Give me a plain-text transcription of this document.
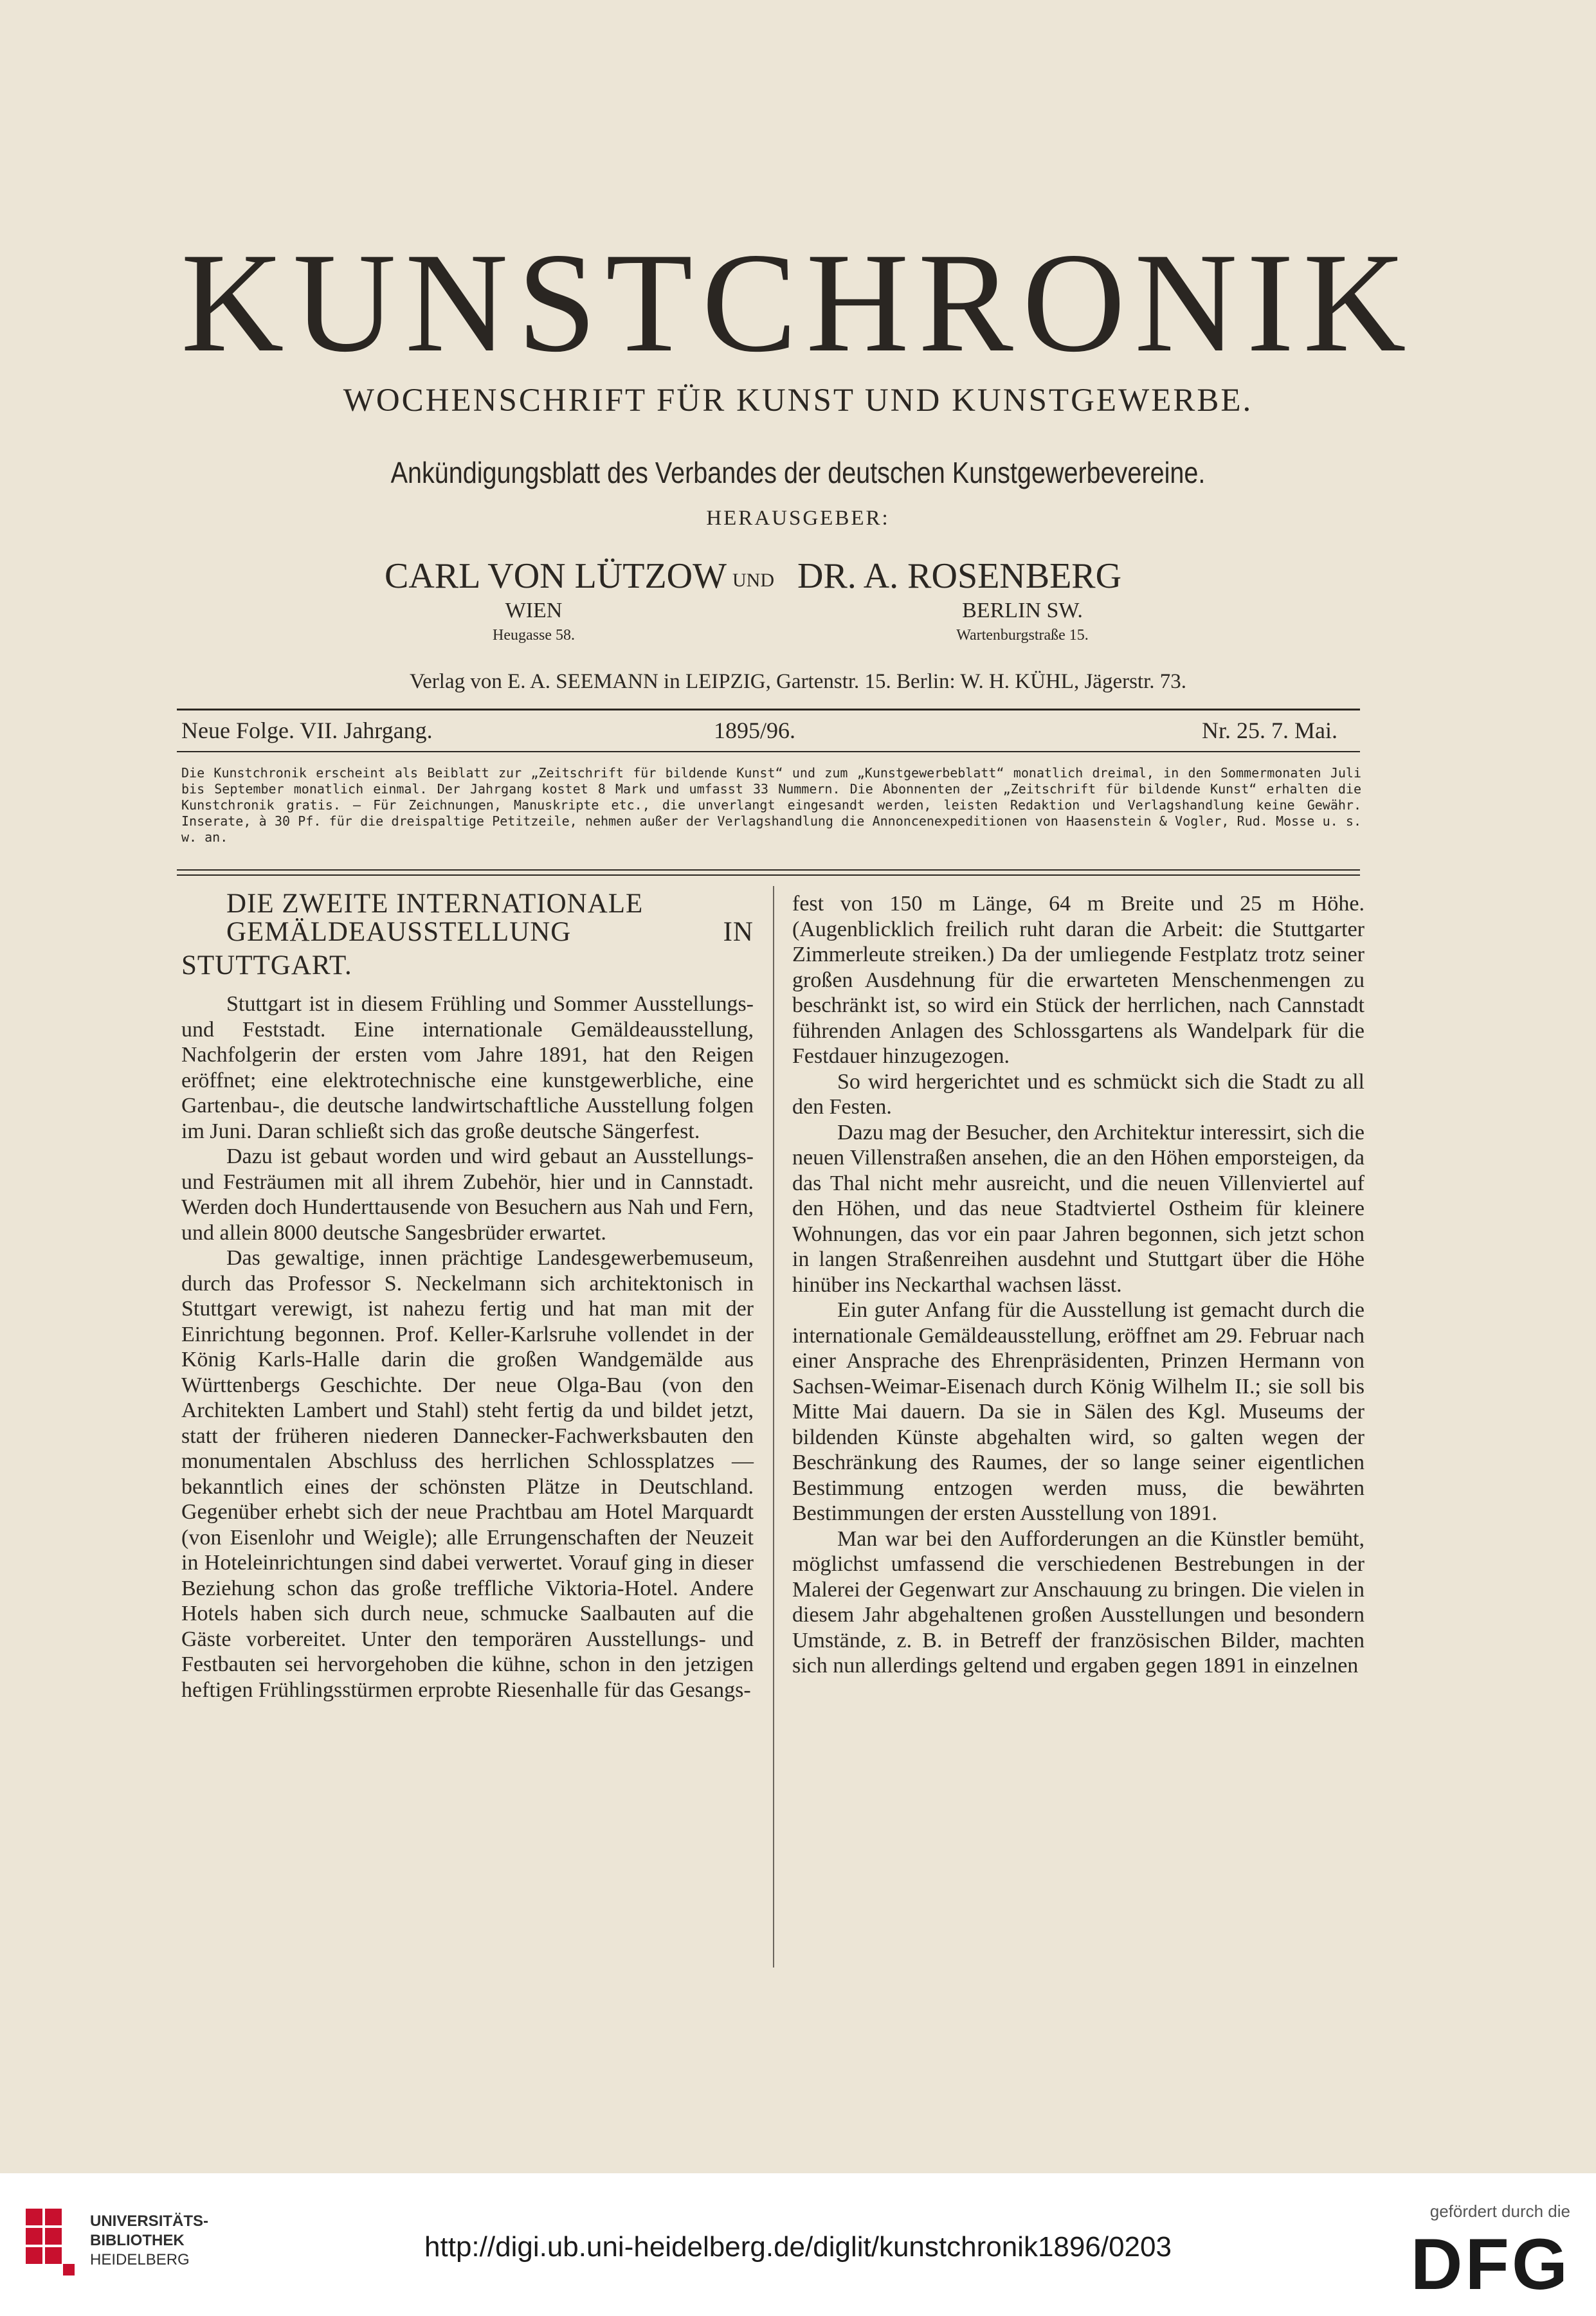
KUNSTCHRONIK
WOCHENSCHRIFT FÜR KUNST UND KUNSTGEWERBE.
Ankündigungsblatt des Verbandes der deutschen Kunstgewerbevereine.
HERAUSGEBER:
CARL VON LÜTZOW UND DR. A. ROSENBERG
WIEN
Heugasse 58.
BERLIN SW.
Wartenburgstraße 15.
Verlag von E. A. SEEMANN in LEIPZIG, Gartenstr. 15. Berlin: W. H. KÜHL, Jägerstr. 73.
Neue Folge. VII. Jahrgang.	1895/96.	Nr. 25. 7. Mai.

Die Kunstchronik erscheint als Beiblatt zur „Zeitschrift für bildende Kunst“ und zum „Kunstgewerbeblatt“ monatlich dreimal, in den Sommermonaten Juli bis September monatlich einmal. Der Jahrgang kostet 8 Mark und umfasst 33 Nummern. Die Abonnenten der „Zeitschrift für bildende Kunst“ erhalten die Kunstchronik gratis. — Für Zeichnungen, Manuskripte etc., die unverlangt eingesandt werden, leisten Redaktion und Verlagshandlung keine Gewähr. Inserate, à 30 Pf. für die dreispaltige Petitzeile, nehmen außer der Verlagshandlung die Annoncenexpeditionen von Haasenstein & Vogler, Rud. Mosse u. s. w. an.

DIE ZWEITE INTERNATIONALE

GEMÄLDEAUSSTELLUNG IN STUTTGART.

Stuttgart ist in diesem Frühling und Sommer Ausstellungs- und Feststadt. Eine internationale Gemäldeausstellung, Nachfolgerin der ersten vom Jahre 1891, hat den Reigen eröffnet; eine elektrotechnische eine kunstgewerbliche, eine Gartenbau-, die deutsche landwirtschaftliche Ausstellung folgen im Juni. Daran schließt sich das große deutsche Sängerfest.

Dazu ist gebaut worden und wird gebaut an Ausstellungs- und Festräumen mit all ihrem Zubehör, hier und in Cannstadt. Werden doch Hunderttausende von Besuchern aus Nah und Fern, und allein 8000 deutsche Sangesbrüder erwartet.

Das gewaltige, innen prächtige Landesgewerbemuseum, durch das Professor S. Neckelmann sich architektonisch in Stuttgart verewigt, ist nahezu fertig und hat man mit der Einrichtung begonnen. Prof. Keller-Karlsruhe vollendet in der König Karls-Halle darin die großen Wandgemälde aus Württenbergs Geschichte. Der neue Olga-Bau (von den Architekten Lambert und Stahl) steht fertig da und bildet jetzt, statt der früheren niederen Dannecker-Fachwerksbauten den monumentalen Abschluss des herrlichen Schlossplatzes — bekanntlich eines der schönsten Plätze in Deutschland. Gegenüber erhebt sich der neue Prachtbau am Hotel Marquardt (von Eisenlohr und Weigle); alle Errungenschaften der Neuzeit in Hoteleinrichtungen sind dabei verwertet. Vorauf ging in dieser Beziehung schon das große treffliche Viktoria-Hotel. Andere Hotels haben sich durch neue, schmucke Saalbauten auf die Gäste vorbereitet. Unter den temporären Ausstellungs- und Festbauten sei hervorgehoben die kühne, schon in den jetzigen heftigen Frühlingsstürmen erprobte Riesenhalle für das Gesangs-

fest von 150 m Länge, 64 m Breite und 25 m Höhe. (Augenblicklich freilich ruht daran die Arbeit: die Stuttgarter Zimmerleute streiken.) Da der umliegende Festplatz trotz seiner großen Ausdehnung für die erwarteten Menschenmengen zu beschränkt ist, so wird ein Stück der herrlichen, nach Cannstadt führenden Anlagen des Schlossgartens als Wandelpark für die Festdauer hinzugezogen.

So wird hergerichtet und es schmückt sich die Stadt zu all den Festen.

Dazu mag der Besucher, den Architektur interessirt, sich die neuen Villenstraßen ansehen, die an den Höhen emporsteigen, da das Thal nicht mehr ausreicht, und die neuen Villenviertel auf den Höhen, und das neue Stadtviertel Ostheim für kleinere Wohnungen, das vor ein paar Jahren begonnen, sich jetzt schon in langen Straßenreihen ausdehnt und Stuttgart über die Höhe hinüber ins Neckarthal wachsen lässt.

Ein guter Anfang für die Ausstellung ist gemacht durch die internationale Gemäldeausstellung, eröffnet am 29. Februar nach einer Ansprache des Ehrenpräsidenten, Prinzen Hermann von Sachsen-Weimar-Eisenach durch König Wilhelm II.; sie soll bis Mitte Mai dauern. Da sie in Sälen des Kgl. Museums der bildenden Künste abgehalten wird, so galten wegen der Beschränkung des Raumes, der so lange seiner eigentlichen Bestimmung entzogen werden muss, die bewährten Bestimmungen der ersten Ausstellung von 1891.

Man war bei den Aufforderungen an die Künstler bemüht, möglichst umfassend die verschiedenen Bestrebungen in der Malerei der Gegenwart zur Anschauung zu bringen. Die vielen in diesem Jahr abgehaltenen großen Ausstellungen und besondern Umstände, z. B. in Betreff der französischen Bilder, machten sich nun allerdings geltend und ergaben gegen 1891 in einzelnen

UNIVERSITÄTS-
BIBLIOTHEK
HEIDELBERG	http://digi.ub.uni-heidelberg.de/diglit/kunstchronik1896/0203
gefördert durch die
DFG
